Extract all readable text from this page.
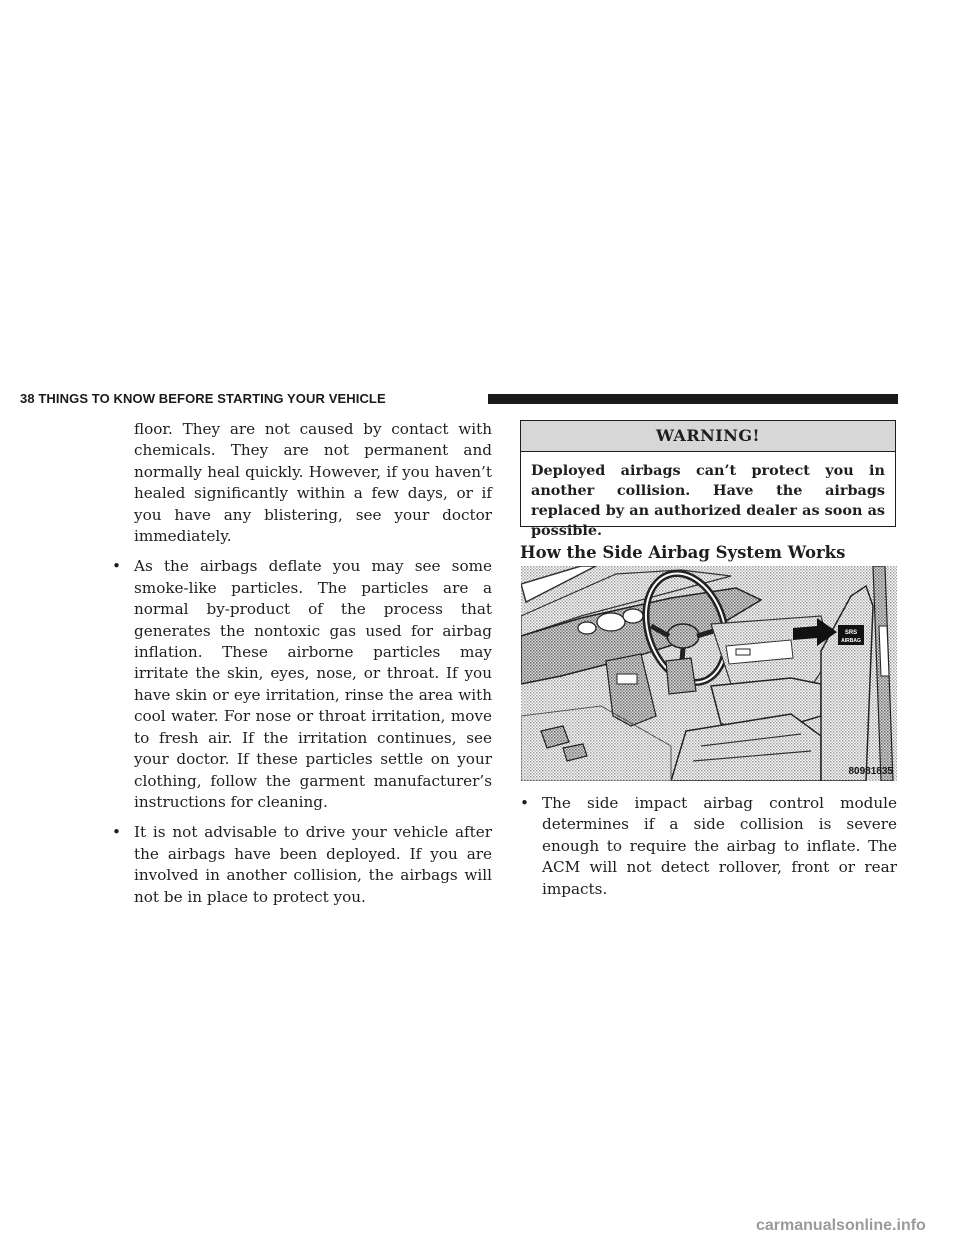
38 THINGS TO KNOW BEFORE STARTING YOUR VEHICLE

floor. They are not caused by contact with chemicals. They are not permanent and normally heal quickly. However, if you haven’t healed significantly within a few days, or if you have any blistering, see your doctor immediately.

• As the airbags deflate you may see some smoke-like particles. The particles are a normal by-product of the process that generates the nontoxic gas used for airbag inflation. These airborne particles may irritate the skin, eyes, nose, or throat. If you have skin or eye irritation, rinse the area with cool water. For nose or throat irritation, move to fresh air. If the irritation continues, see your doctor. If these particles settle on your clothing, follow the garment manufacturer’s instructions for cleaning.

• It is not advisable to drive your vehicle after the airbags have been deployed. If you are involved in another collision, the airbags will not be in place to protect you.

WARNING!
Deployed airbags can’t protect you in another collision. Have the airbags replaced by an authorized dealer as soon as possible.
How the Side Airbag System Works
SRS
AIRBAG
80981835

• The side impact airbag control module determines if a side collision is severe enough to require the airbag to inflate. The ACM will not detect rollover, front or rear impacts.

carmanualsonline.info
